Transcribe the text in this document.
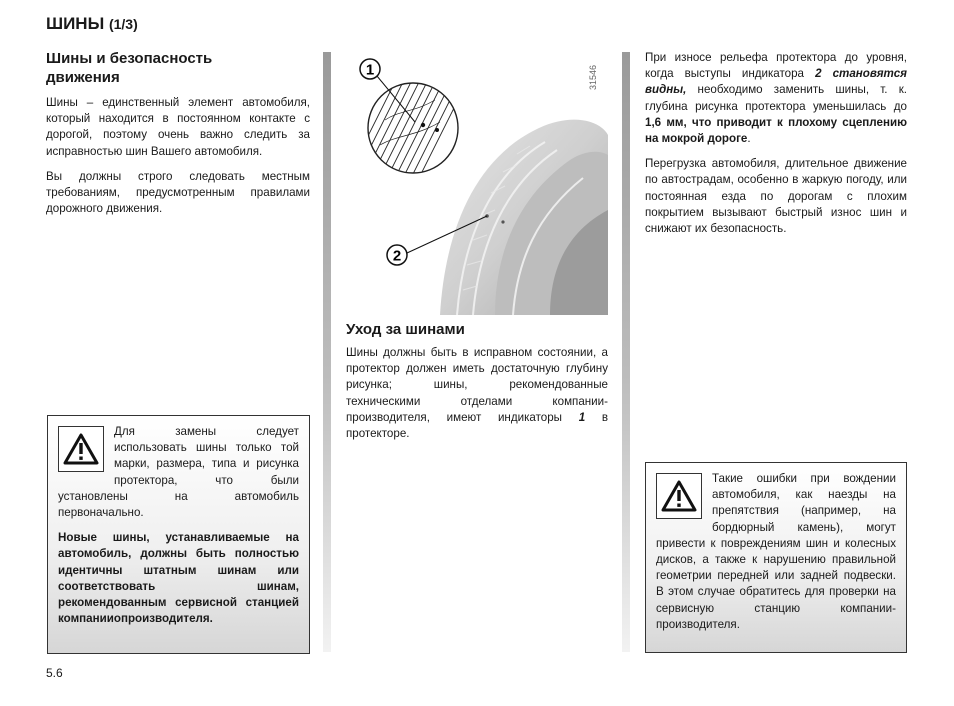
ШИНЫ (1/3)
Шины и безопасность движения

Шины – единственный элемент автомобиля, который находится в постоянном контакте с дорогой, поэтому очень важно следить за исправностью шин Вашего автомобиля.

Вы должны строго следовать местным требованиям, предусмотренным правилами дорожного движения.

Для замены следует использовать шины только той марки, размера, типа и рисунка протектора, что были установлены на автомобиль первоначально.

Новые шины, устанавливаемые на автомобиль, должны быть полностью идентичны штатным шинам или соответствовать шинам, рекомендованным сервисной станцией компанииопроизводителя.

1
2
31546
Уход за шинами

Шины должны быть в исправном состоянии, а протектор должен иметь достаточную глубину рисунка; шины, рекомендованные техническими отделами компании-производителя, имеют индикаторы 1 в протекторе.

При износе рельефа протектора до уровня, когда выступы индикатора 2 становятся видны, необходимо заменить шины, т. к. глубина рисунка протектора уменьшилась до 1,6 мм, что приводит к плохому сцеплению на мокрой дороге.

Перегрузка автомобиля, длительное движение по автострадам, особенно в жаркую погоду, или постоянная езда по дорогам с плохим покрытием вызывают быстрый износ шин и снижают их безопасность.

Такие ошибки при вождении автомобиля, как наезды на препятствия (например, на бордюрный камень), могут привести к повреждениям шин и колесных дисков, а также к нарушению правильной геометрии передней или задней подвески. В этом случае обратитесь для проверки на сервисную станцию компании-производителя.

5.6
